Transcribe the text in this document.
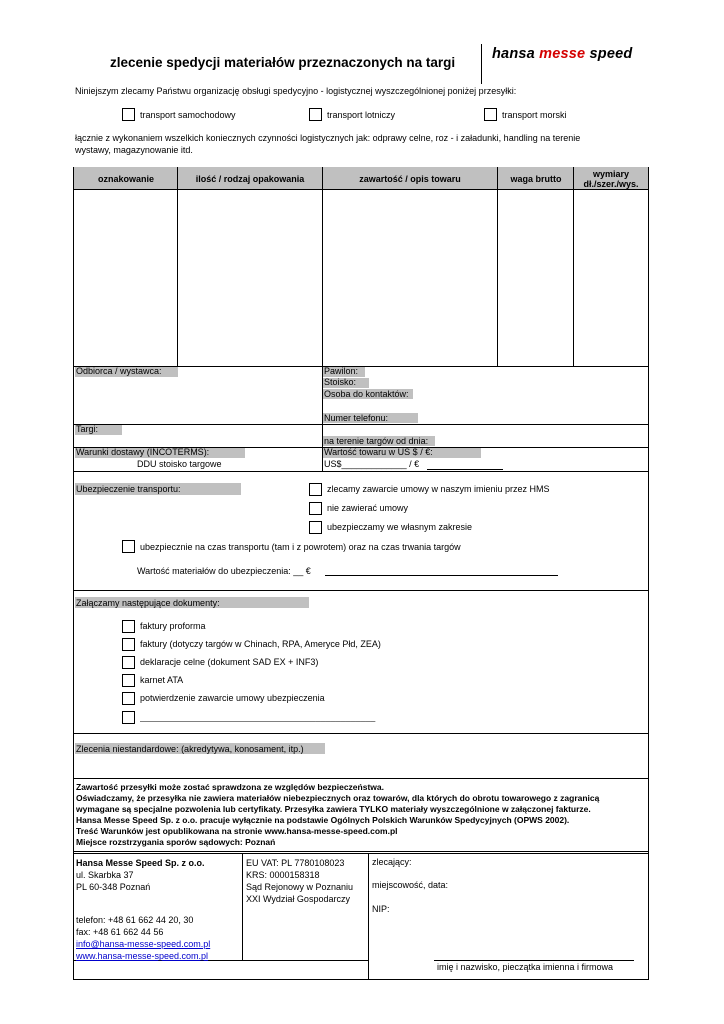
zlecenie spedycji materiałów przeznaczonych na targi
hansa messe speed
Niniejszym zlecamy Państwu organizację obsługi spedycyjno - logistycznej wyszczególnionej poniżej przesyłki:
transport samochodowy	transport lotniczy	transport morski
łącznie z wykonaniem wszelkich koniecznych czynności logistycznych jak: odprawy celne, roz - i załadunki, handling na terenie
wystawy, magazynowanie itd.
oznakowanie	ilość / rodzaj opakowania	zawartość / opis towaru	waga brutto	wymiary
dł./szer./wys.
Odbiorca / wystawca:	Pawilon:
Stoisko:
Osoba do kontaktów:
Numer telefonu:
Targi:
na terenie targów od dnia:
Warunki dostawy (INCOTERMS):
DDU stoisko targowe
Wartość towaru w US $ / €:
US$_____________ / €
Ubezpieczenie transportu:	zlecamy zawarcie umowy w naszym imieniu przez HMS
nie zawierać umowy
ubezpieczamy we własnym zakresie
ubezpiecznie na czas transportu (tam i z powrotem) oraz na czas trwania targów
Wartość materiałów do ubezpieczenia: __ €
Załączamy następujące dokumenty:
faktury proforma
faktury (dotyczy targów w Chinach, RPA, Ameryce Płd, ZEA)
deklaracje celne (dokument SAD EX + INF3)
karnet ATA
potwierdzenie zawarcie umowy ubezpieczenia
_______________________________________________
Zlecenia niestandardowe: (akredytywa, konosament, itp.)
Zawartość przesyłki może zostać sprawdzona ze względów bezpieczeństwa.
Oświadczamy, że przesyłka nie zawiera materiałów niebezpiecznych oraz towarów, dla których do obrotu towarowego z zagranicą
wymagane są specjalne pozwolenia lub certyfikaty. Przesyłka zawiera TYLKO materiały wyszczególnione w załączonej fakturze.
Hansa Messe Speed Sp. z o.o. pracuje wyłącznie na podstawie Ogólnych Polskich Warunków Spedycyjnych (OPWS 2002).
Treść Warunków jest opublikowana na stronie www.hansa-messe-speed.com.pl
Miejsce rozstrzygania sporów sądowych: Poznań
Hansa Messe Speed Sp. z o.o.
ul. Skarbka 37
PL 60-348 Poznań
telefon: +48 61 662 44 20, 30
fax: +48 61 662 44 56
info@hansa-messe-speed.com.pl
www.hansa-messe-speed.com.pl
EU VAT: PL 7780108023
KRS: 0000158318
Sąd Rejonowy w Poznaniu
XXI Wydział Gospodarczy
zlecający:
miejscowość, data:
NIP:
imię i nazwisko, pieczątka imienna i firmowa
